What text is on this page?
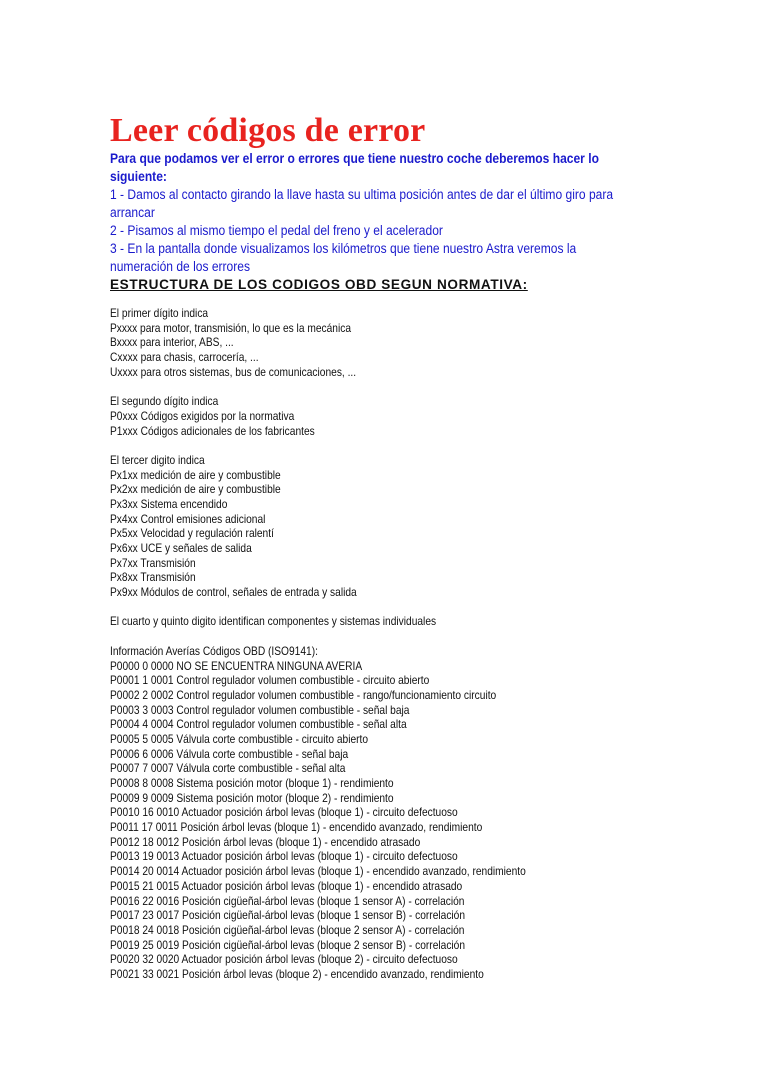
Leer códigos de error

Para que podamos ver el error o errores que tiene nuestro coche deberemos hacer lo

siguiente:

1 - Damos al contacto girando la llave hasta su ultima posición antes de dar el último giro para

arrancar

2 - Pisamos al mismo tiempo el pedal del freno y el acelerador

3 - En la pantalla donde visualizamos los kilómetros que tiene nuestro Astra veremos la

numeración de los errores

ESTRUCTURA DE LOS CODIGOS OBD SEGUN NORMATIVA:

El primer dígito indica
Pxxxx para motor, transmisión, lo que es la mecánica
Bxxxx para interior, ABS, ...
Cxxxx para chasis, carrocería, ...
Uxxxx para otros sistemas, bus de comunicaciones, ...
El segundo dígito indica
P0xxx Códigos exigidos por la normativa
P1xxx Códigos adicionales de los fabricantes
El tercer digito indica
Px1xx medición de aire y combustible
Px2xx medición de aire y combustible
Px3xx Sistema encendido
Px4xx Control emisiones adicional
Px5xx Velocidad y regulación ralentí
Px6xx UCE y señales de salida
Px7xx Transmisión
Px8xx Transmisión
Px9xx Módulos de control, señales de entrada y salida
El cuarto y quinto digito identifican componentes y sistemas individuales
Información Averías Códigos OBD (ISO9141):
P0000 0 0000 NO SE ENCUENTRA NINGUNA AVERIA
P0001 1 0001 Control regulador volumen combustible - circuito abierto
P0002 2 0002 Control regulador volumen combustible - rango/funcionamiento circuito
P0003 3 0003 Control regulador volumen combustible - señal baja
P0004 4 0004 Control regulador volumen combustible - señal alta
P0005 5 0005 Válvula corte combustible - circuito abierto
P0006 6 0006 Válvula corte combustible - señal baja
P0007 7 0007 Válvula corte combustible - señal alta
P0008 8 0008 Sistema posición motor (bloque 1) - rendimiento
P0009 9 0009 Sistema posición motor (bloque 2) - rendimiento
P0010 16 0010 Actuador posición árbol levas (bloque 1) - circuito defectuoso
P0011 17 0011 Posición árbol levas (bloque 1) - encendido avanzado, rendimiento
P0012 18 0012 Posición árbol levas (bloque 1) - encendido atrasado
P0013 19 0013 Actuador posición árbol levas (bloque 1) - circuito defectuoso
P0014 20 0014 Actuador posición árbol levas (bloque 1) - encendido avanzado, rendimiento
P0015 21 0015 Actuador posición árbol levas (bloque 1) - encendido atrasado
P0016 22 0016 Posición cigüeñal-árbol levas (bloque 1 sensor A) - correlación
P0017 23 0017 Posición cigüeñal-árbol levas (bloque 1 sensor B) - correlación
P0018 24 0018 Posición cigüeñal-árbol levas (bloque 2 sensor A) - correlación
P0019 25 0019 Posición cigüeñal-árbol levas (bloque 2 sensor B) - correlación
P0020 32 0020 Actuador posición árbol levas (bloque 2) - circuito defectuoso
P0021 33 0021 Posición árbol levas (bloque 2) - encendido avanzado, rendimiento
